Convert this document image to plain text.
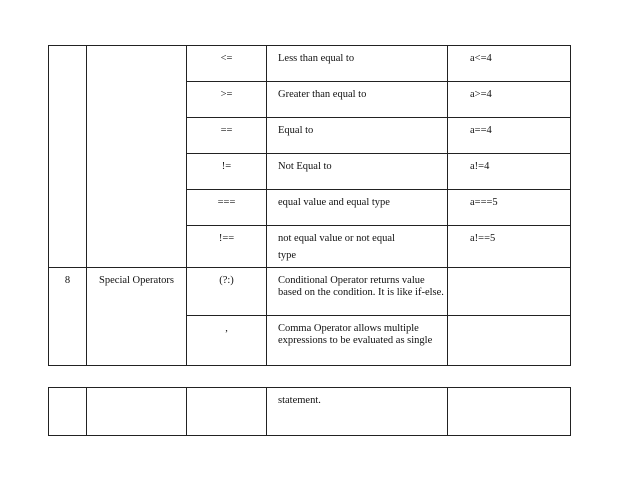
		<=	Less than equal to	a<=4

		>=	Greater than equal to	a>=4

		==	Equal to	a==4

		!=	Not Equal to	a!=4

		===	equal value and equal type	a===5

		!==	not equal value or not equal
type	a!==5

8	Special Operators	(?:)	Conditional Operator returns value based on the condition. It is like if-else.	

		,	Comma Operator allows multiple expressions to be evaluated as single	

statement.
